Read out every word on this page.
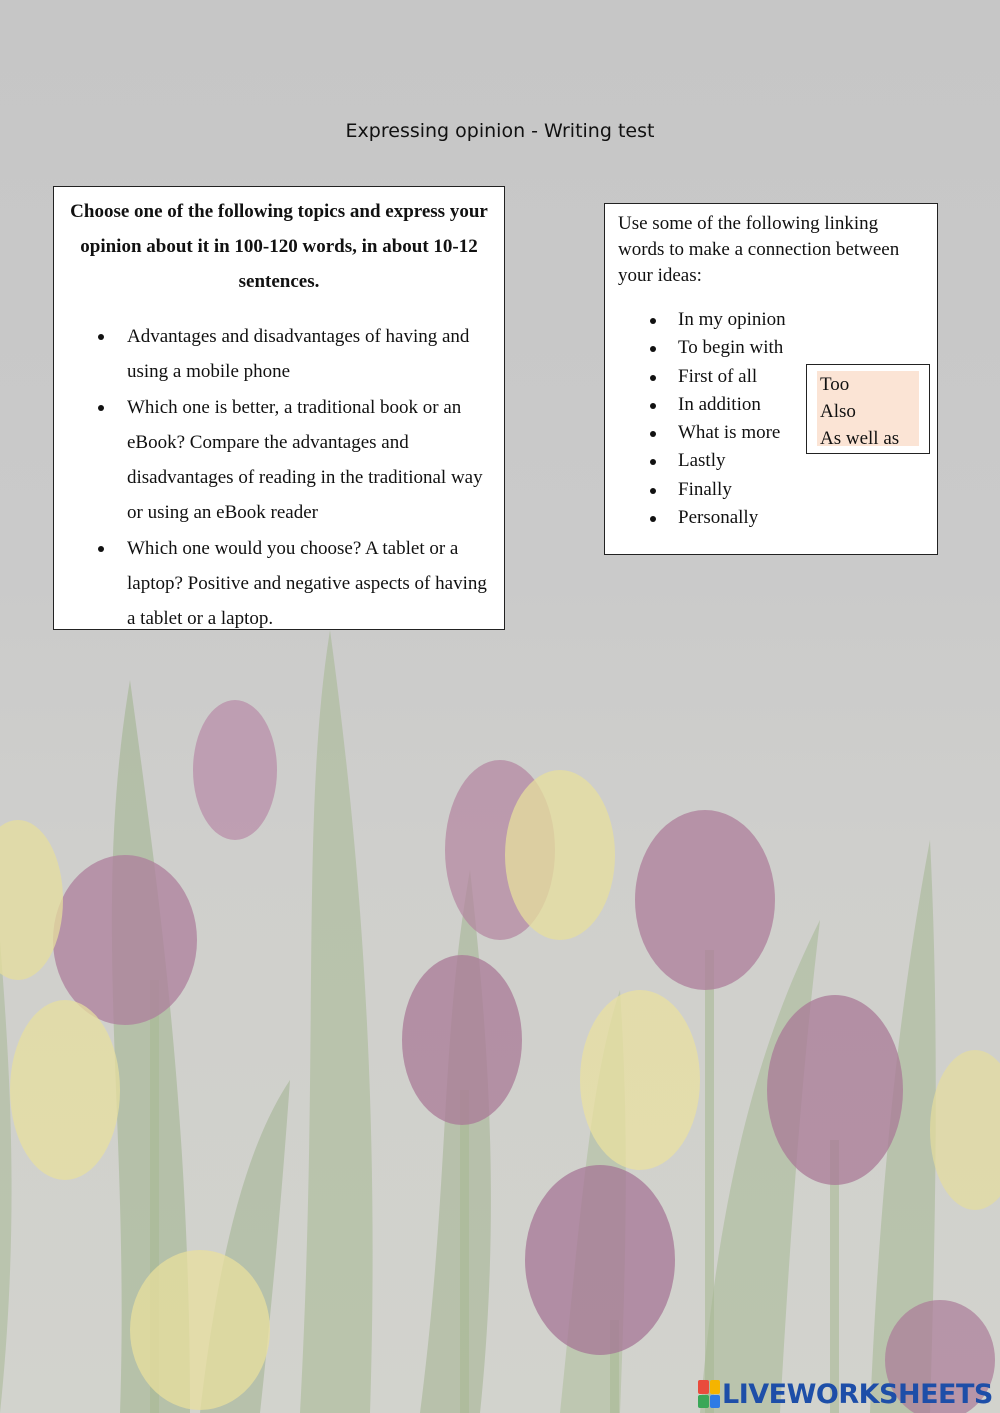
Expressing opinion - Writing test
Choose one of the following topics and express your opinion about it in 100-120 words, in about 10-12 sentences.
Advantages and disadvantages of having and using a mobile phone
Which one is better, a traditional book or an eBook? Compare the advantages and disadvantages of reading in the traditional way or using an eBook reader
Which one would you choose? A tablet or a laptop? Positive and negative aspects of having a tablet or a laptop.
Use some of the following linking words to make a connection between your ideas:
In my opinion
To begin with
First of all
In addition
What is more
Lastly
Finally
Personally
Too
Also
As well as
LIVEWORKSHEETS
